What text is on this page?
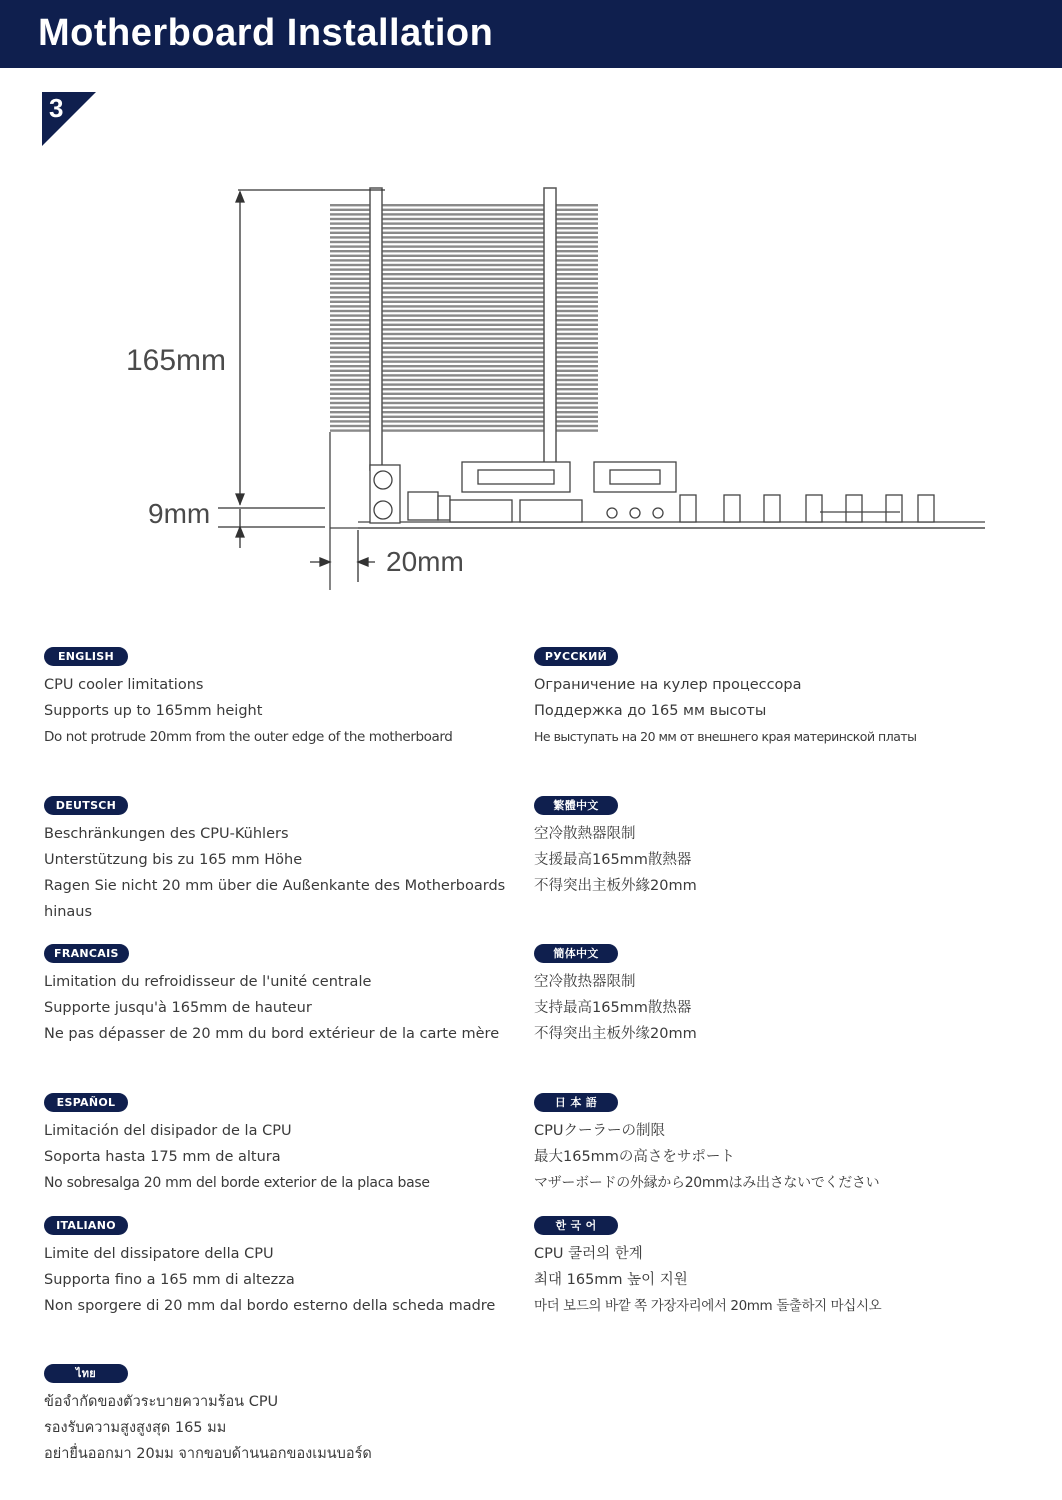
Motherboard Installation
3
165mm
9mm
20mm
ENGLISH

CPU cooler limitations

Supports up to 165mm height

Do not protrude 20mm from the outer edge of the motherboard

РУССКИЙ

Ограничение на кулер процессора

Поддержка до 165 мм высоты

Не выступать на 20 мм от внешнего края материнской платы

DEUTSCH

Beschränkungen des CPU-Kühlers

Unterstützung bis zu 165 mm Höhe

Ragen Sie nicht 20 mm über die Außenkante des Motherboards hinaus

繁體中文

空冷散熱器限制

支援最高165mm散熱器

不得突出主板外緣20mm

FRANCAIS

Limitation du refroidisseur de l'unité centrale

Supporte jusqu'à 165mm de hauteur

Ne pas dépasser de 20 mm du bord extérieur de la carte mère

簡体中文

空冷散热器限制

支持最高165mm散热器

不得突出主板外缘20mm

ESPAÑOL

Limitación del disipador de la CPU

Soporta hasta 175 mm de altura

No sobresalga 20 mm del borde exterior de la placa base

日 本 語

CPUクーラーの制限

最大165mmの高さをサポート

マザーボードの外縁から20mmはみ出さないでください

ITALIANO

Limite del dissipatore della CPU

Supporta fino a 165 mm di altezza

Non sporgere di 20 mm dal bordo esterno della scheda madre

한 국 어

CPU 쿨러의 한계

최대 165mm 높이 지원

마더 보드의 바깥 쪽 가장자리에서 20mm 돌출하지 마십시오

ไทย

ข้อจำกัดของตัวระบายความร้อน CPU

รองรับความสูงสูงสุด 165 มม

อย่ายื่นออกมา 20มม จากขอบด้านนอกของเมนบอร์ด
